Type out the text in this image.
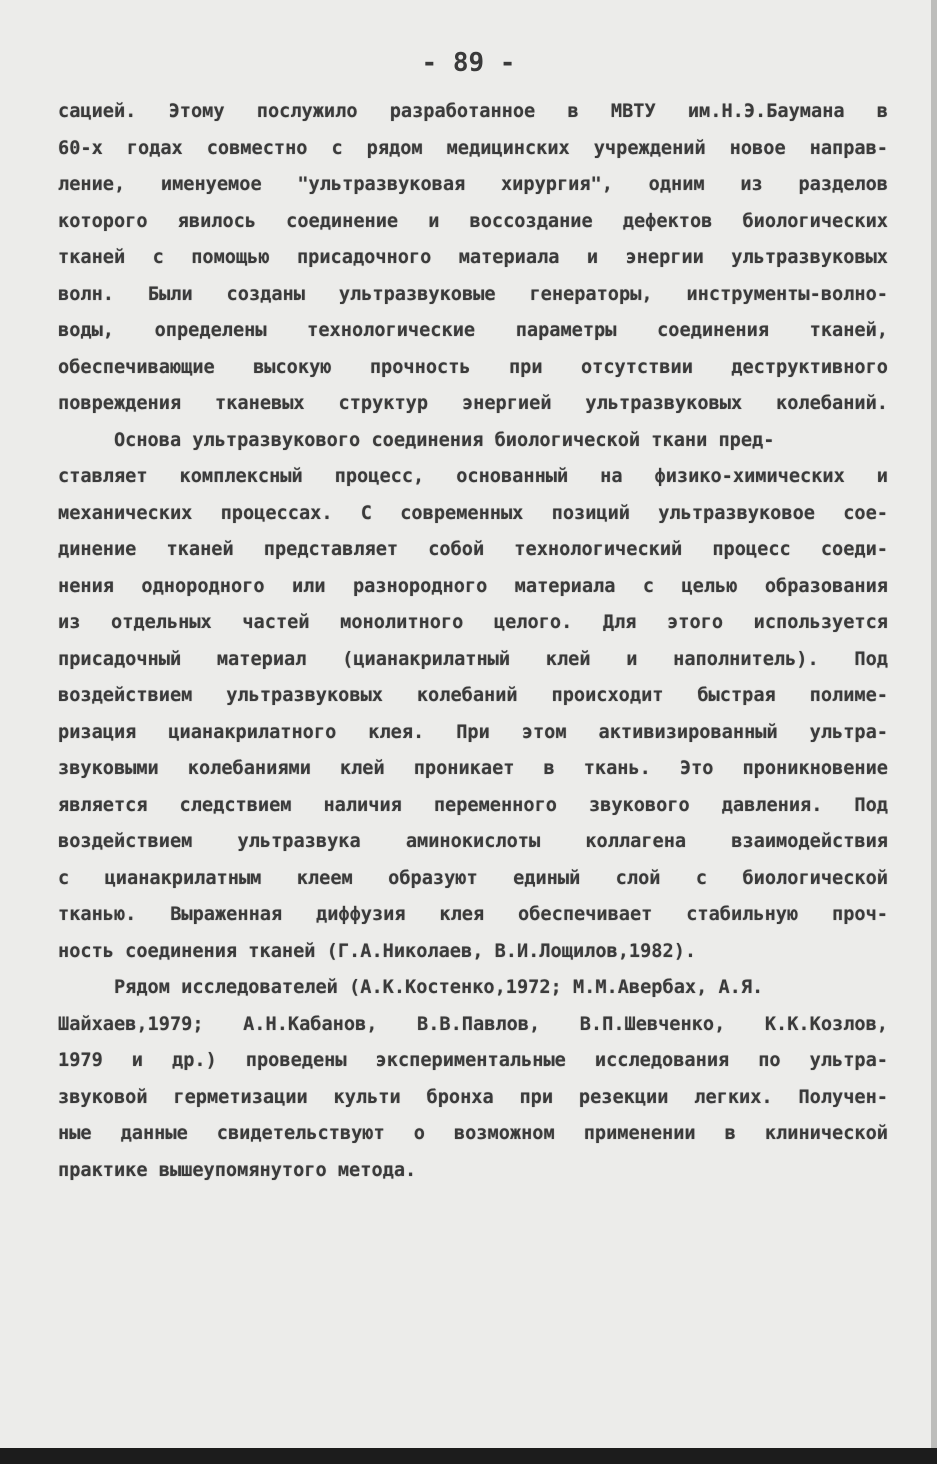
- 89 -
сацией. Этому послужило разработанное в МВТУ им.Н.Э.Баумана в
60-х годах совместно с рядом медицинских учреждений новое направ-
ление, именуемое "ультразвуковая хирургия", одним из разделов
которого явилось соединение и воссоздание дефектов биологических
тканей с помощью присадочного материала и энергии ультразвуковых
волн. Были созданы ультразвуковые генераторы, инструменты-волно-
воды, определены технологические параметры соединения тканей,
обеспечивающие высокую прочность при отсутствии деструктивного
повреждения тканевых структур энергией ультразвуковых колебаний.
Основа ультразвукового соединения биологической ткани пред-
ставляет комплексный процесс, основанный на физико-химических и
механических процессах. С современных позиций ультразвуковое сое-
динение тканей представляет собой технологический процесс соеди-
нения однородного или разнородного материала с целью образования
из отдельных частей монолитного целого. Для этого используется
присадочный материал (цианакрилатный клей и наполнитель). Под
воздействием ультразвуковых колебаний происходит быстрая полиме-
ризация цианакрилатного клея. При этом активизированный ультра-
звуковыми колебаниями клей проникает в ткань. Это проникновение
является следствием наличия переменного звукового давления. Под
воздействием ультразвука аминокислоты коллагена взаимодействия
с цианакрилатным клеем образуют единый слой с биологической
тканью. Выраженная диффузия клея обеспечивает стабильную проч-
ность соединения тканей (Г.А.Николаев, В.И.Лощилов,1982).
Рядом исследователей (А.К.Костенко,1972; М.М.Авербах, А.Я.
Шайхаев,1979; А.Н.Кабанов, В.В.Павлов, В.П.Шевченко, К.К.Козлов,
1979 и др.) проведены экспериментальные исследования по ультра-
звуковой герметизации культи бронха при резекции легких. Получен-
ные данные свидетельствуют о возможном применении в клинической
практике вышеупомянутого метода.
